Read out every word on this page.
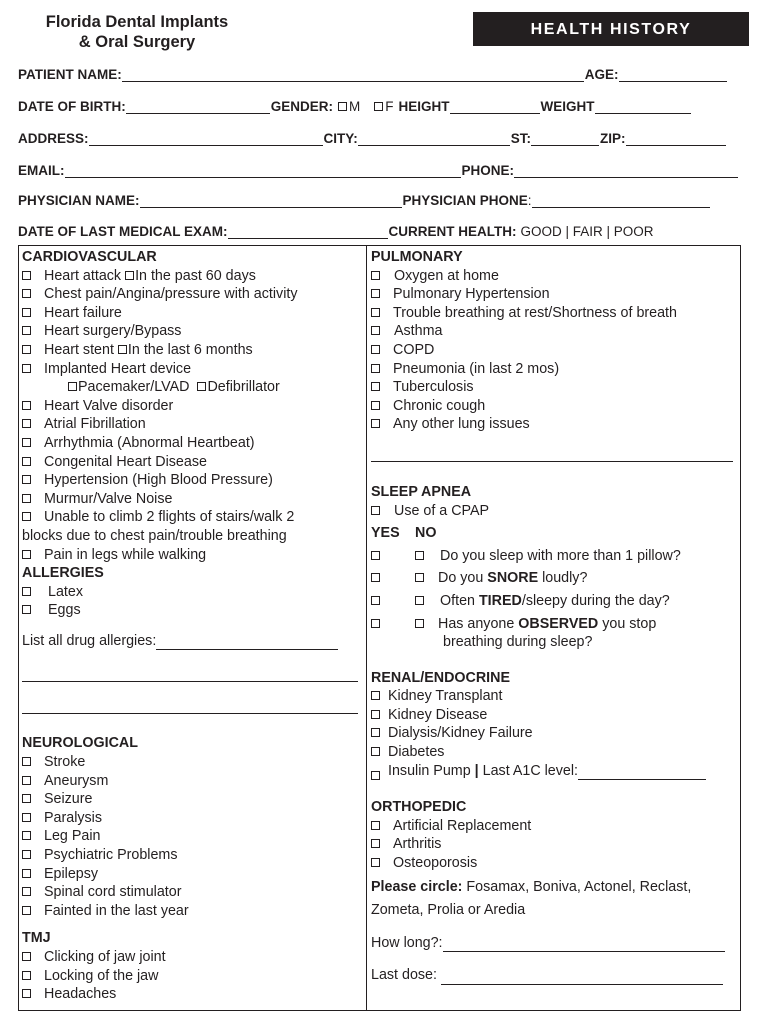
Florida Dental Implants
& Oral Surgery
HEALTH HISTORY
PATIENT NAME:	AGE:
DATE OF BIRTH:	GENDER:	M	F HEIGHT	WEIGHT
ADDRESS:	CITY:	ST:	ZIP:
EMAIL:	PHONE:
PHYSICIAN NAME:	PHYSICIAN PHONE:
DATE OF LAST MEDICAL EXAM:	CURRENT HEALTH: GOOD | FAIR | POOR
CARDIOVASCULAR
Heart attack In the past 60 days
Chest pain/Angina/pressure with activity
Heart failure
Heart surgery/Bypass
Heart stent In the last 6 months
Implanted Heart device
Pacemaker/LVAD Defibrillator
Heart Valve disorder
Atrial Fibrillation
Arrhythmia (Abnormal Heartbeat)
Congenital Heart Disease
Hypertension (High Blood Pressure)
Murmur/Valve Noise
Unable to climb 2 flights of stairs/walk 2
blocks due to chest pain/trouble breathing
Pain in legs while walking
ALLERGIES
Latex
Eggs
List all drug allergies:
NEUROLOGICAL
Stroke
Aneurysm
Seizure
Paralysis
Leg Pain
Psychiatric Problems
Epilepsy
Spinal cord stimulator
Fainted in the last year
TMJ
Clicking of jaw joint
Locking of the jaw
Headaches
PULMONARY
Oxygen at home
Pulmonary Hypertension
Trouble breathing at rest/Shortness of breath
Asthma
COPD
Pneumonia (in last 2 mos)
Tuberculosis
Chronic cough
Any other lung issues
SLEEP APNEA
Use of a CPAP
YES NO
Do you sleep with more than 1 pillow?
Do you SNORE loudly?
Often TIRED/sleepy during the day?
Has anyone OBSERVED you stop
breathing during sleep?
RENAL/ENDOCRINE
Kidney Transplant
Kidney Disease
Dialysis/Kidney Failure
Diabetes
Insulin Pump
|
Last A1C level:
ORTHOPEDIC
Artificial Replacement
Arthritis
Osteoporosis
Please circle: Fosamax, Boniva, Actonel, Reclast,
Zometa, Prolia or Aredia
How long?:
Last dose:
